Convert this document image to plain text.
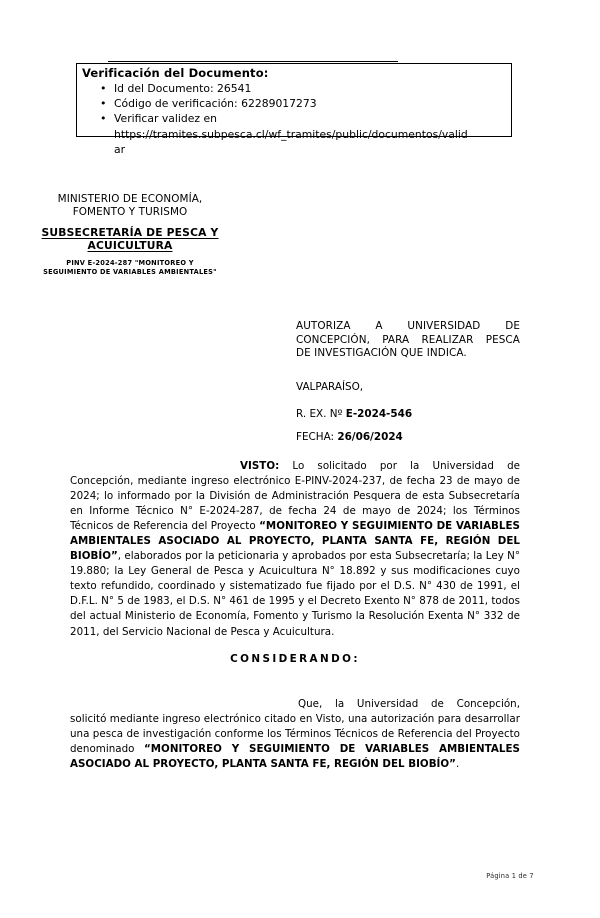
Verificación del Documento:
• Id del Documento: 26541
• Código de verificación: 62289017273
• Verificar validez en
https://tramites.subpesca.cl/wf_tramites/public/documentos/valid
ar
MINISTERIO DE ECONOMÍA,
FOMENTO Y TURISMO
SUBSECRETARÍA DE PESCA Y
ACUICULTURA
PINV E-2024-287 "MONITOREO Y
SEGUIMIENTO DE VARIABLES AMBIENTALES"
AUTORIZA A UNIVERSIDAD DE CONCEPCIÓN, PARA REALIZAR PESCA
DE INVESTIGACIÓN QUE INDICA.
VALPARAÍSO,
R. EX. Nº E-2024-546
FECHA: 26/06/2024
VISTO: Lo solicitado por la Universidad de Concepción, mediante ingreso electrónico E-PINV-2024-237, de fecha 23 de mayo de 2024; lo informado por la División de Administración Pesquera de esta Subsecretaría en Informe Técnico N° E-2024-287, de fecha 24 de mayo de 2024; los Términos Técnicos de Referencia del Proyecto “MONITOREO Y SEGUIMIENTO DE VARIABLES AMBIENTALES ASOCIADO AL PROYECTO, PLANTA SANTA FE, REGIÓN DEL BIOBÍO”, elaborados por la peticionaria y aprobados por esta Subsecretaría; la Ley N° 19.880; la Ley General de Pesca y Acuicultura N° 18.892 y sus modificaciones cuyo texto refundido, coordinado y sistematizado fue fijado por el D.S. N° 430 de 1991, el D.F.L. N° 5 de 1983, el D.S. N° 461 de 1995 y el Decreto Exento N° 878 de 2011, todos del actual Ministerio de Economía, Fomento y Turismo la Resolución Exenta N° 332 de 2011, del Servicio Nacional de Pesca y Acuicultura.
CONSIDERANDO:
Que, la Universidad de Concepción, solicitó mediante ingreso electrónico citado en Visto, una autorización para desarrollar una pesca de investigación conforme los Términos Técnicos de Referencia del Proyecto denominado “MONITOREO Y SEGUIMIENTO DE VARIABLES AMBIENTALES ASOCIADO AL PROYECTO, PLANTA SANTA FE, REGIÓN DEL BIOBÍO”.
Página 1 de 7
